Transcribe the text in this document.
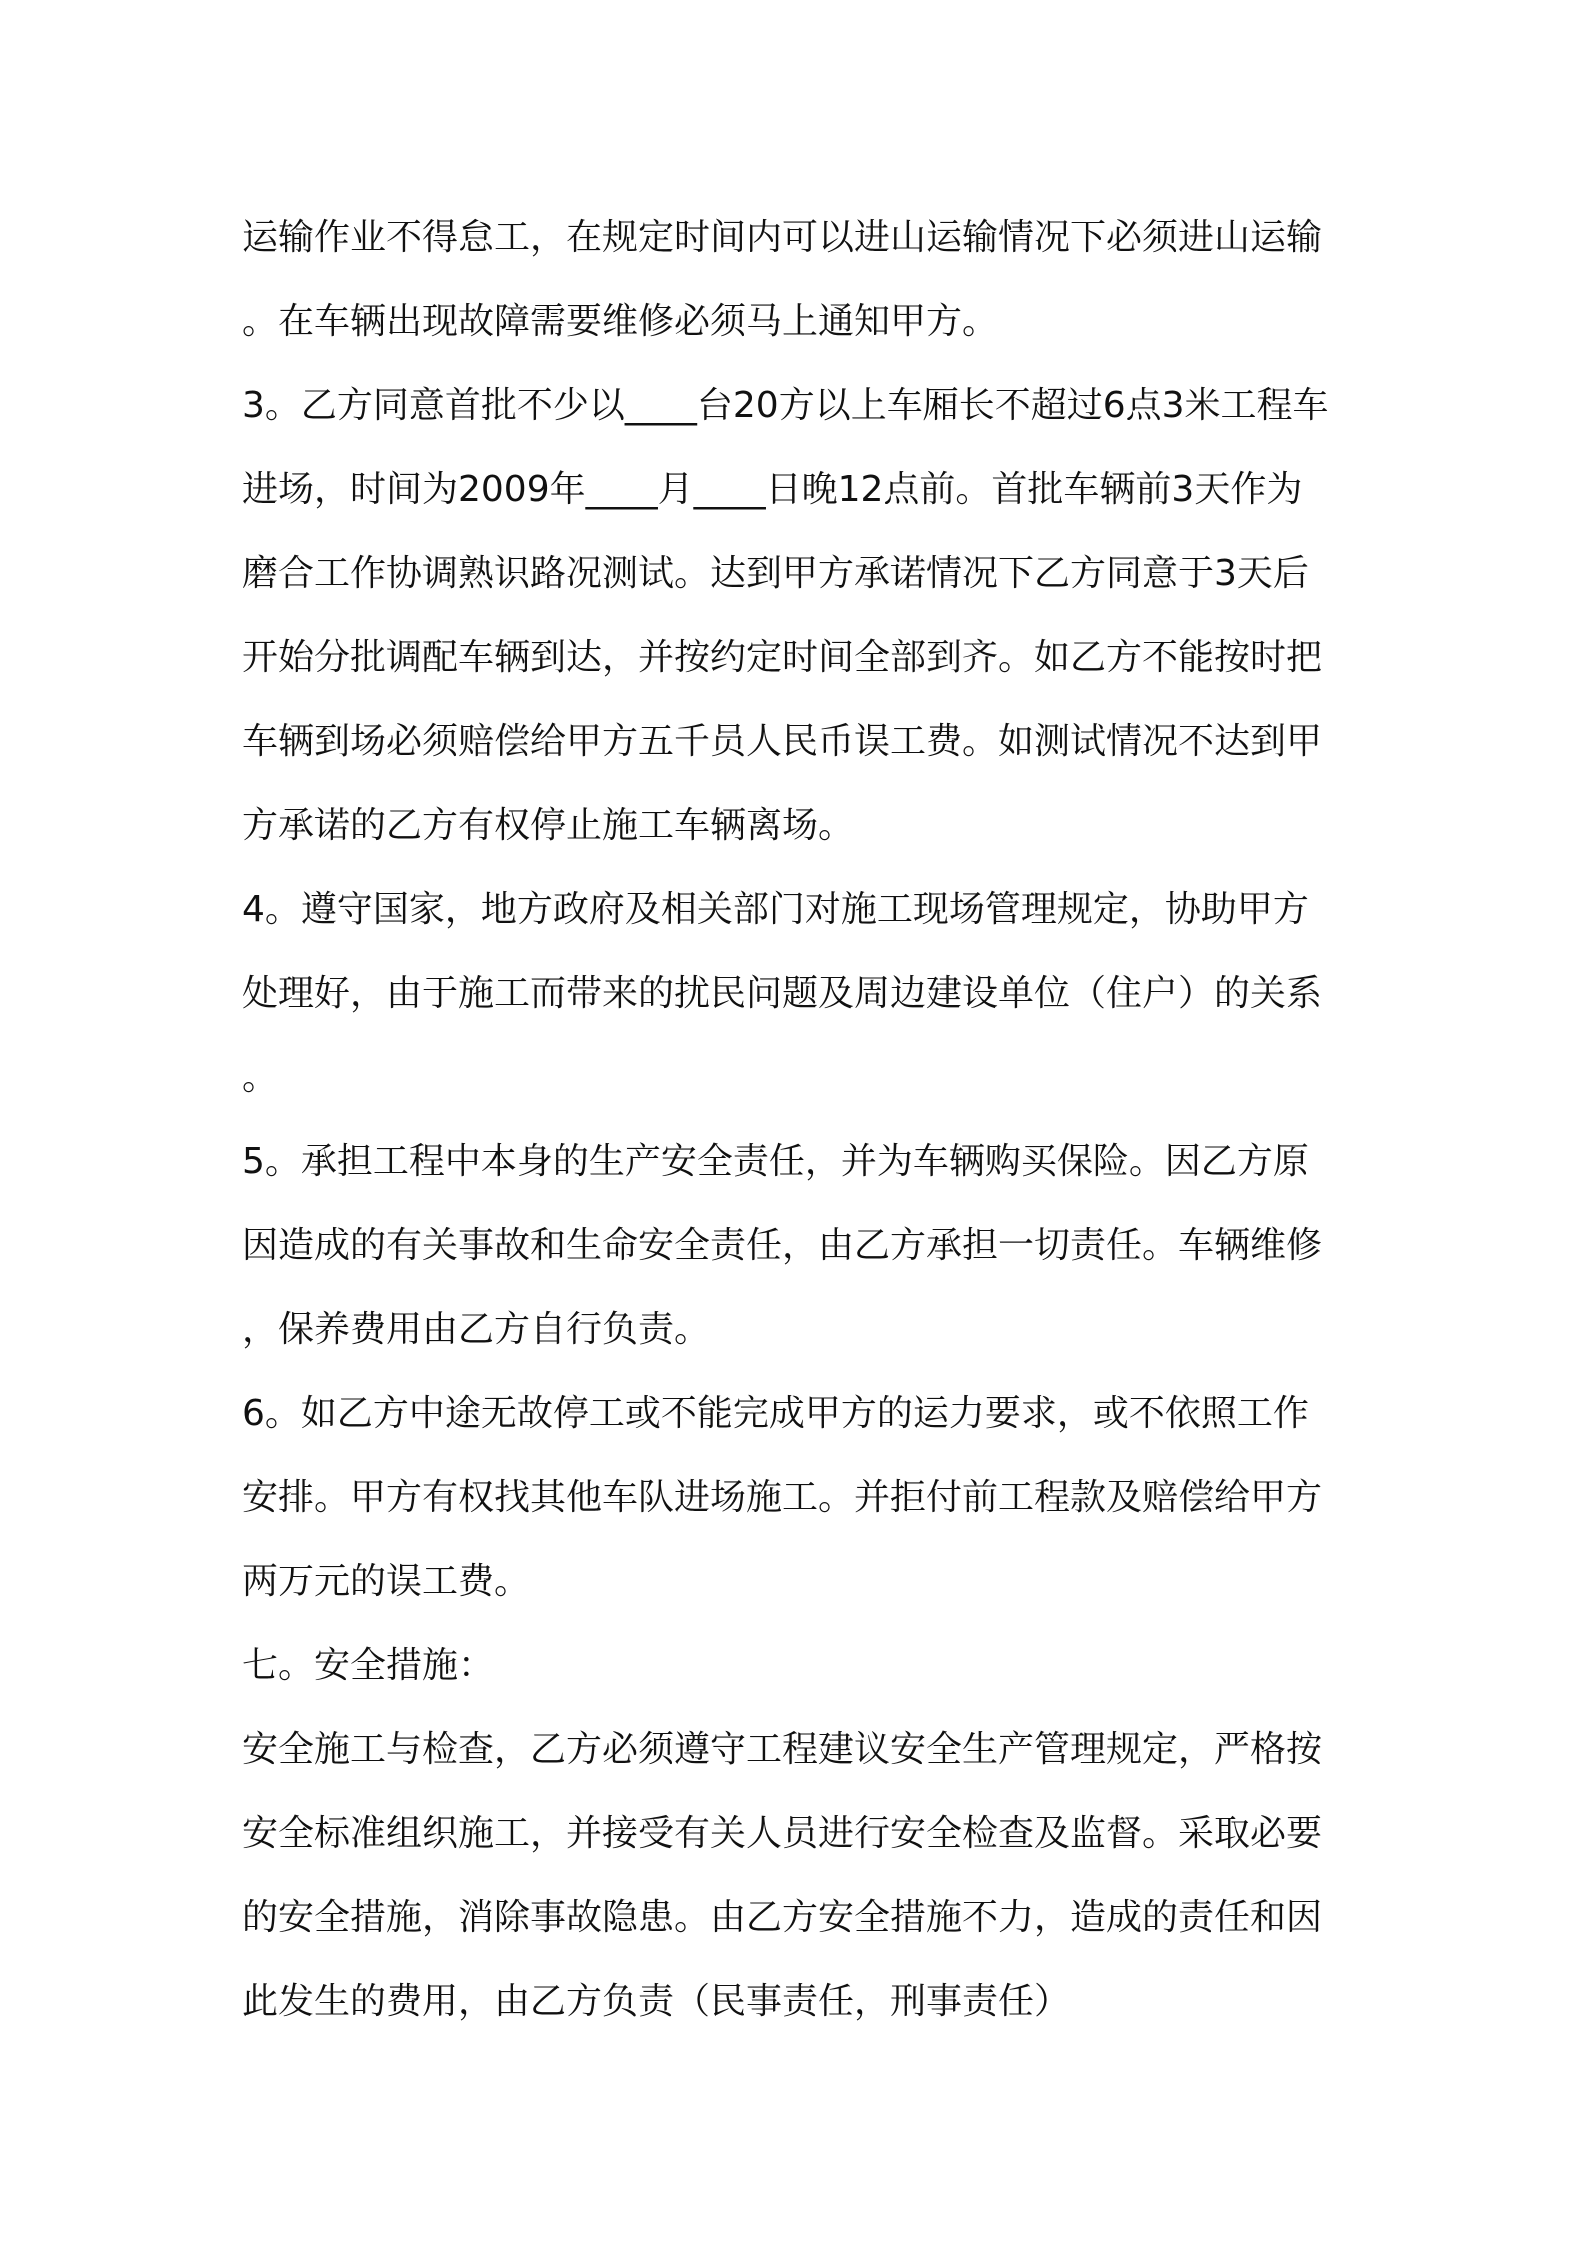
运输作业不得怠工，在规定时间内可以进山运输情况下必须进山运输
。在车辆出现故障需要维修必须马上通知甲方。
3。乙方同意首批不少以____台20方以上车厢长不超过6点3米工程车
进场，时间为2009年____月____日晚12点前。首批车辆前3天作为
磨合工作协调熟识路况测试。达到甲方承诺情况下乙方同意于3天后
开始分批调配车辆到达，并按约定时间全部到齐。如乙方不能按时把
车辆到场必须赔偿给甲方五千员人民币误工费。如测试情况不达到甲
方承诺的乙方有权停止施工车辆离场。
4。遵守国家，地方政府及相关部门对施工现场管理规定，协助甲方
处理好，由于施工而带来的扰民问题及周边建设单位（住户）的关系
。
5。承担工程中本身的生产安全责任，并为车辆购买保险。因乙方原
因造成的有关事故和生命安全责任，由乙方承担一切责任。车辆维修
，保养费用由乙方自行负责。
6。如乙方中途无故停工或不能完成甲方的运力要求，或不依照工作
安排。甲方有权找其他车队进场施工。并拒付前工程款及赔偿给甲方
两万元的误工费。
七。安全措施：
安全施工与检查，乙方必须遵守工程建议安全生产管理规定，严格按
安全标准组织施工，并接受有关人员进行安全检查及监督。采取必要
的安全措施，消除事故隐患。由乙方安全措施不力，造成的责任和因
此发生的费用，由乙方负责（民事责任，刑事责任）
